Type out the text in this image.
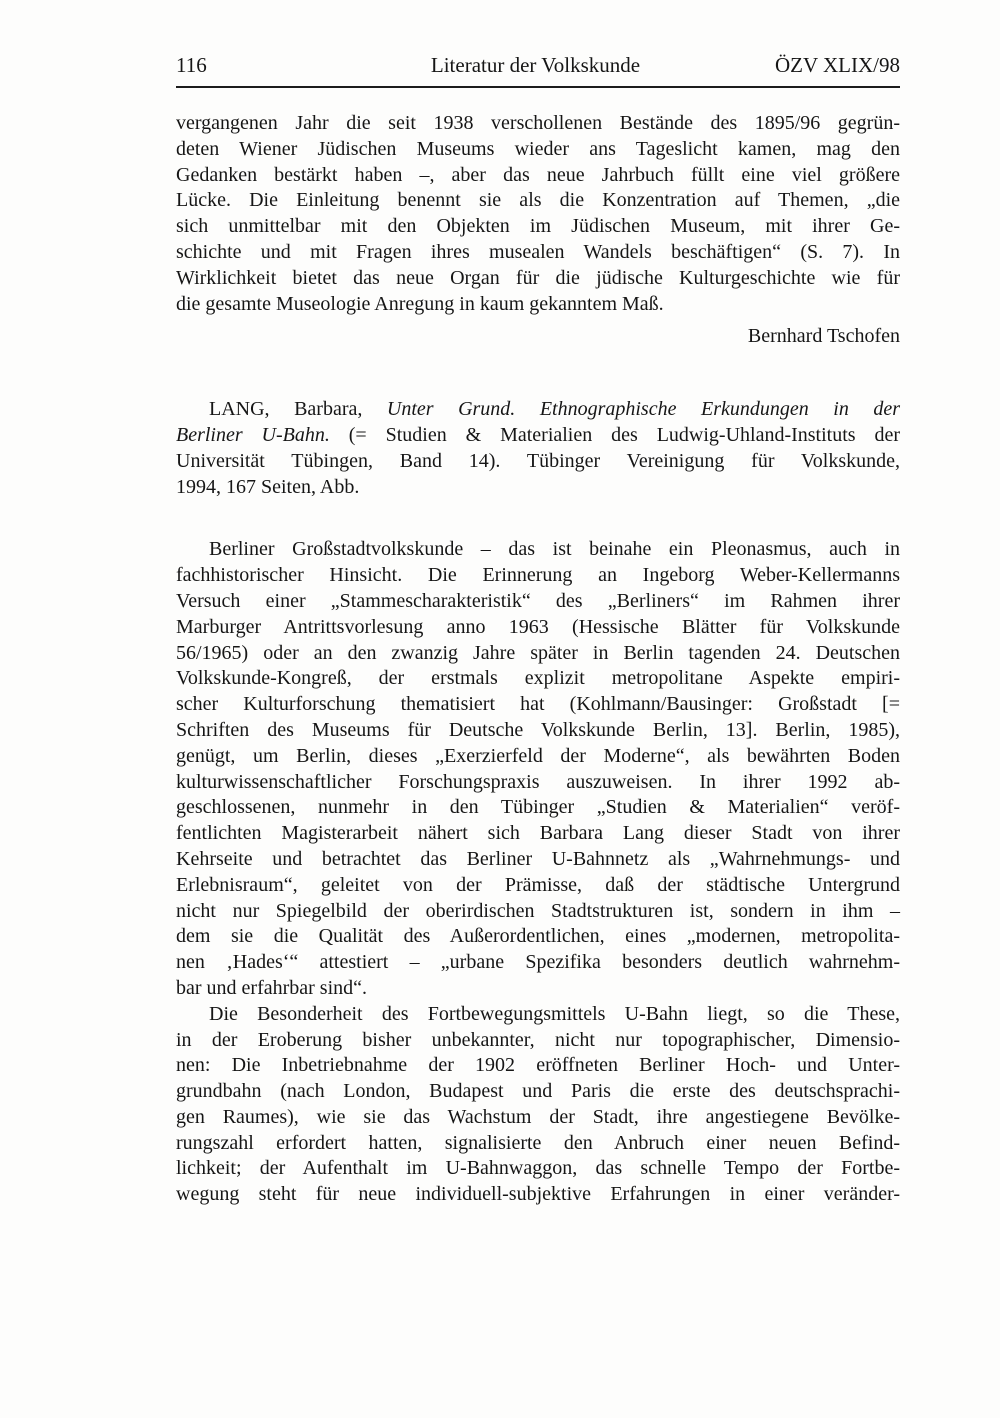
116	Literatur der Volkskunde	ÖZV XLIX/98
vergangenen Jahr die seit 1938 verschollenen Bestände des 1895/96 gegrün-
deten Wiener Jüdischen Museums wieder ans Tageslicht kamen, mag den
Gedanken bestärkt haben –, aber das neue Jahrbuch füllt eine viel größere
Lücke. Die Einleitung benennt sie als die Konzentration auf Themen, „die
sich unmittelbar mit den Objekten im Jüdischen Museum, mit ihrer Ge-
schichte und mit Fragen ihres musealen Wandels beschäftigen“ (S. 7). In
Wirklichkeit bietet das neue Organ für die jüdische Kulturgeschichte wie für
die gesamte Museologie Anregung in kaum gekanntem Maß.
Bernhard Tschofen
LANG, Barbara, Unter Grund. Ethnographische Erkundungen in der
Berliner U-Bahn. (= Studien & Materialien des Ludwig-Uhland-Instituts der
Universität Tübingen, Band 14). Tübinger Vereinigung für Volkskunde,
1994, 167 Seiten, Abb.
Berliner Großstadtvolkskunde – das ist beinahe ein Pleonasmus, auch in
fachhistorischer Hinsicht. Die Erinnerung an Ingeborg Weber-Kellermanns
Versuch einer „Stammescharakteristik“ des „Berliners“ im Rahmen ihrer
Marburger Antrittsvorlesung anno 1963 (Hessische Blätter für Volkskunde
56/1965) oder an den zwanzig Jahre später in Berlin tagenden 24. Deutschen
Volkskunde-Kongreß, der erstmals explizit metropolitane Aspekte empiri-
scher Kulturforschung thematisiert hat (Kohlmann/Bausinger: Großstadt [=
Schriften des Museums für Deutsche Volkskunde Berlin, 13]. Berlin, 1985),
genügt, um Berlin, dieses „Exerzierfeld der Moderne“, als bewährten Boden
kulturwissenschaftlicher Forschungspraxis auszuweisen. In ihrer 1992 ab-
geschlossenen, nunmehr in den Tübinger „Studien & Materialien“ veröf-
fentlichten Magisterarbeit nähert sich Barbara Lang dieser Stadt von ihrer
Kehrseite und betrachtet das Berliner U-Bahnnetz als „Wahrnehmungs- und
Erlebnisraum“, geleitet von der Prämisse, daß der städtische Untergrund
nicht nur Spiegelbild der oberirdischen Stadtstrukturen ist, sondern in ihm –
dem sie die Qualität des Außerordentlichen, eines „modernen, metropolita-
nen ‚Hades‘“ attestiert – „urbane Spezifika besonders deutlich wahrnehm-
bar und erfahrbar sind“.
Die Besonderheit des Fortbewegungsmittels U-Bahn liegt, so die These,
in der Eroberung bisher unbekannter, nicht nur topographischer, Dimensio-
nen: Die Inbetriebnahme der 1902 eröffneten Berliner Hoch- und Unter-
grundbahn (nach London, Budapest und Paris die erste des deutschsprachi-
gen Raumes), wie sie das Wachstum der Stadt, ihre angestiegene Bevölke-
rungszahl erfordert hatten, signalisierte den Anbruch einer neuen Befind-
lichkeit; der Aufenthalt im U-Bahnwaggon, das schnelle Tempo der Fortbe-
wegung steht für neue individuell-subjektive Erfahrungen in einer veränder-
